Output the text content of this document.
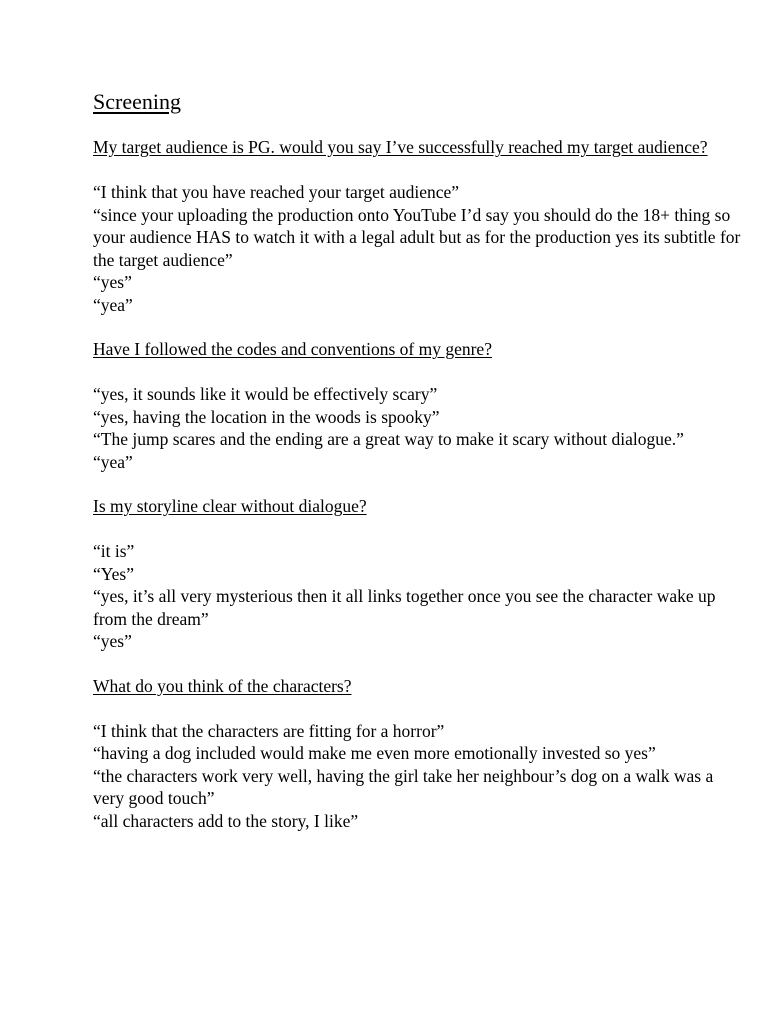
Screening

My target audience is PG. would you say I’ve successfully reached my target audience?

“I think that you have reached your target audience”

“since your uploading the production onto YouTube I’d say you should do the 18+ thing so your audience HAS to watch it with a legal adult but as for the production yes its subtitle for the target audience”

“yes”

“yea”

Have I followed the codes and conventions of my genre?

“yes, it sounds like it would be effectively scary”

“yes, having the location in the woods is spooky”

“The jump scares and the ending are a great way to make it scary without dialogue.”

“yea”

Is my storyline clear without dialogue?

“it is”

“Yes”

“yes, it’s all very mysterious then it all links together once you see the character wake up from the dream”

“yes”

What do you think of the characters?

“I think that the characters are fitting for a horror”

“having a dog included would make me even more emotionally invested so yes”

“the characters work very well, having the girl take her neighbour’s dog on a walk was a very good touch”

“all characters add to the story, I like”
